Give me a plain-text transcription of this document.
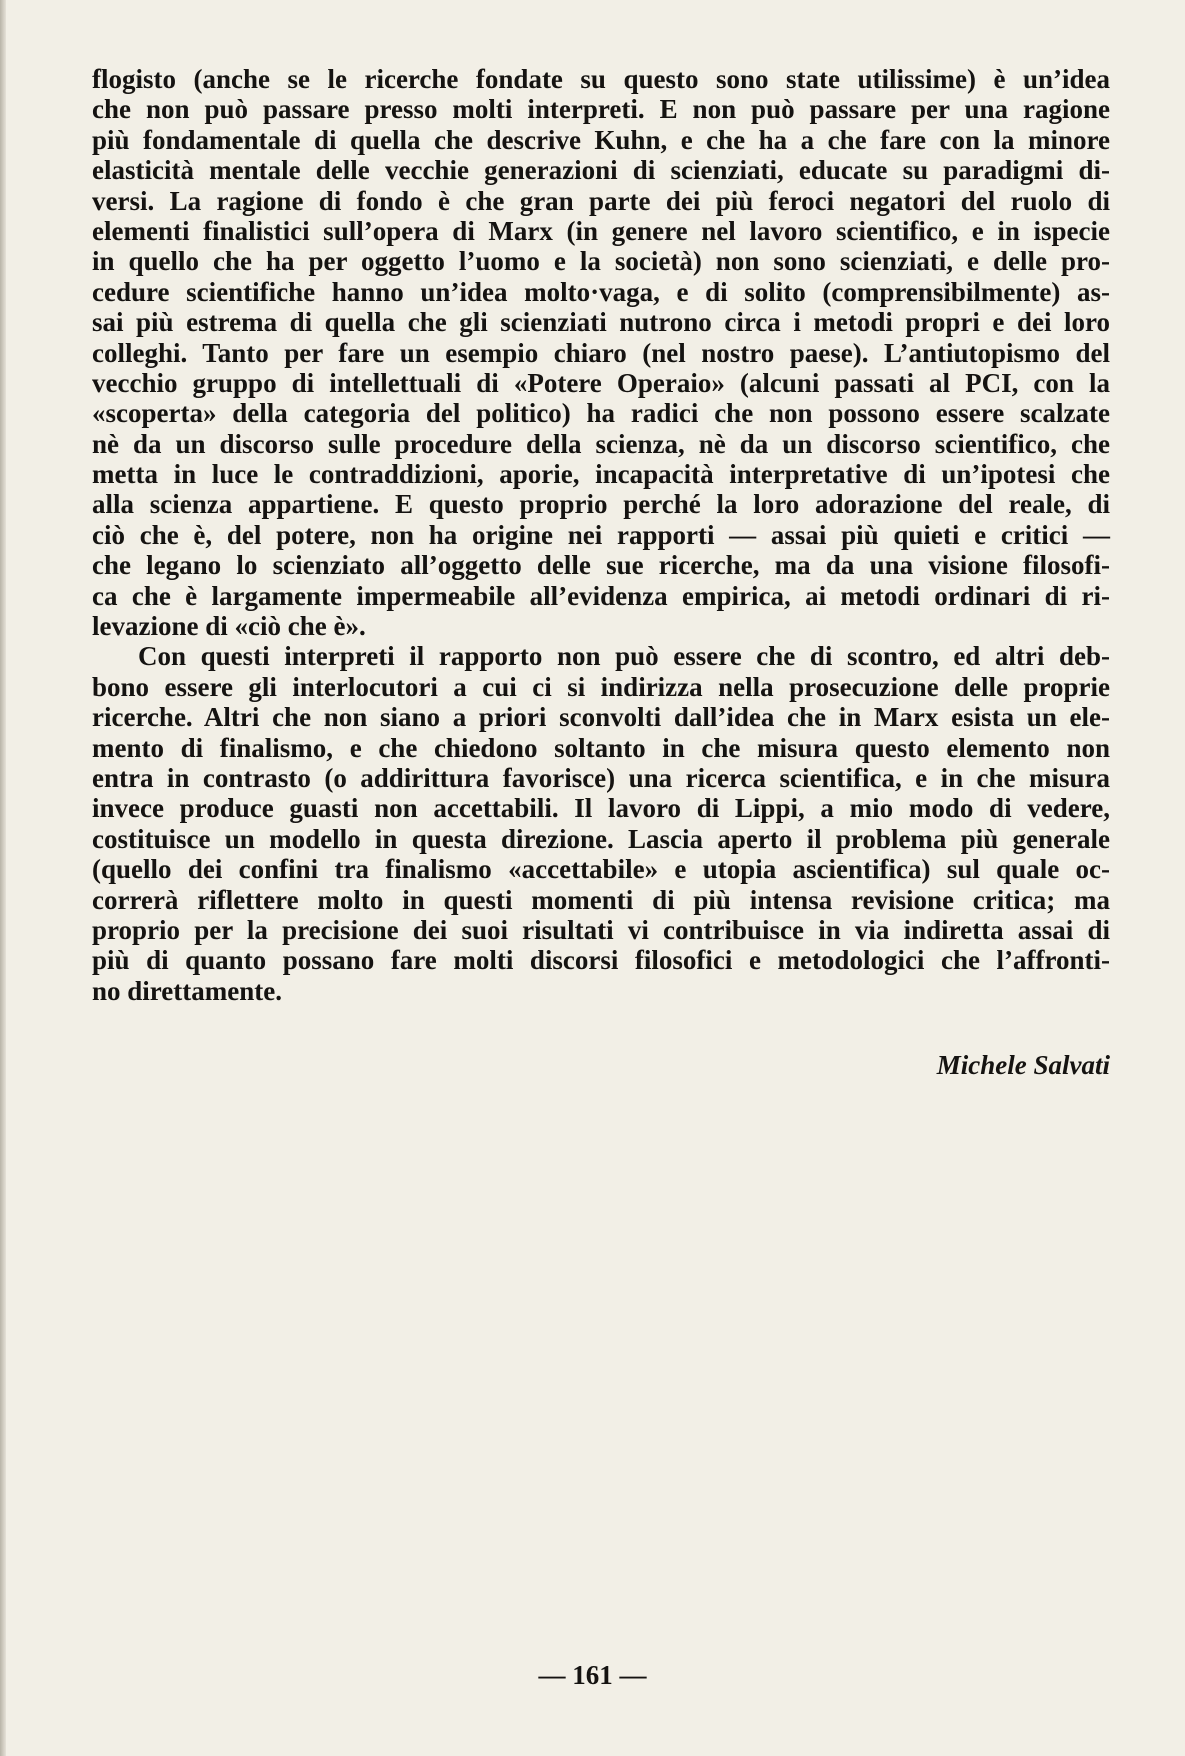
flogisto (anche se le ricerche fondate su questo sono state utilissime) è un’idea
che non può passare presso molti interpreti. E non può passare per una ragione
più fondamentale di quella che descrive Kuhn, e che ha a che fare con la minore
elasticità mentale delle vecchie generazioni di scienziati, educate su paradigmi di-
versi. La ragione di fondo è che gran parte dei più feroci negatori del ruolo di
elementi finalistici sull’opera di Marx (in genere nel lavoro scientifico, e in ispecie
in quello che ha per oggetto l’uomo e la società) non sono scienziati, e delle pro-
cedure scientifiche hanno un’idea molto·vaga, e di solito (comprensibilmente) as-
sai più estrema di quella che gli scienziati nutrono circa i metodi propri e dei loro
colleghi. Tanto per fare un esempio chiaro (nel nostro paese). L’antiutopismo del
vecchio gruppo di intellettuali di «Potere Operaio» (alcuni passati al PCI, con la
«scoperta» della categoria del politico) ha radici che non possono essere scalzate
nè da un discorso sulle procedure della scienza, nè da un discorso scientifico, che
metta in luce le contraddizioni, aporie, incapacità interpretative di un’ipotesi che
alla scienza appartiene. E questo proprio perché la loro adorazione del reale, di
ciò che è, del potere, non ha origine nei rapporti — assai più quieti e critici —
che legano lo scienziato all’oggetto delle sue ricerche, ma da una visione filosofi-
ca che è largamente impermeabile all’evidenza empirica, ai metodi ordinari di ri-
levazione di «ciò che è».
Con questi interpreti il rapporto non può essere che di scontro, ed altri deb-
bono essere gli interlocutori a cui ci si indirizza nella prosecuzione delle proprie
ricerche. Altri che non siano a priori sconvolti dall’idea che in Marx esista un ele-
mento di finalismo, e che chiedono soltanto in che misura questo elemento non
entra in contrasto (o addirittura favorisce) una ricerca scientifica, e in che misura
invece produce guasti non accettabili. Il lavoro di Lippi, a mio modo di vedere,
costituisce un modello in questa direzione. Lascia aperto il problema più generale
(quello dei confini tra finalismo «accettabile» e utopia ascientifica) sul quale oc-
correrà riflettere molto in questi momenti di più intensa revisione critica; ma
proprio per la precisione dei suoi risultati vi contribuisce in via indiretta assai di
più di quanto possano fare molti discorsi filosofici e metodologici che l’affronti-
no direttamente.
Michele Salvati
— 161 —
